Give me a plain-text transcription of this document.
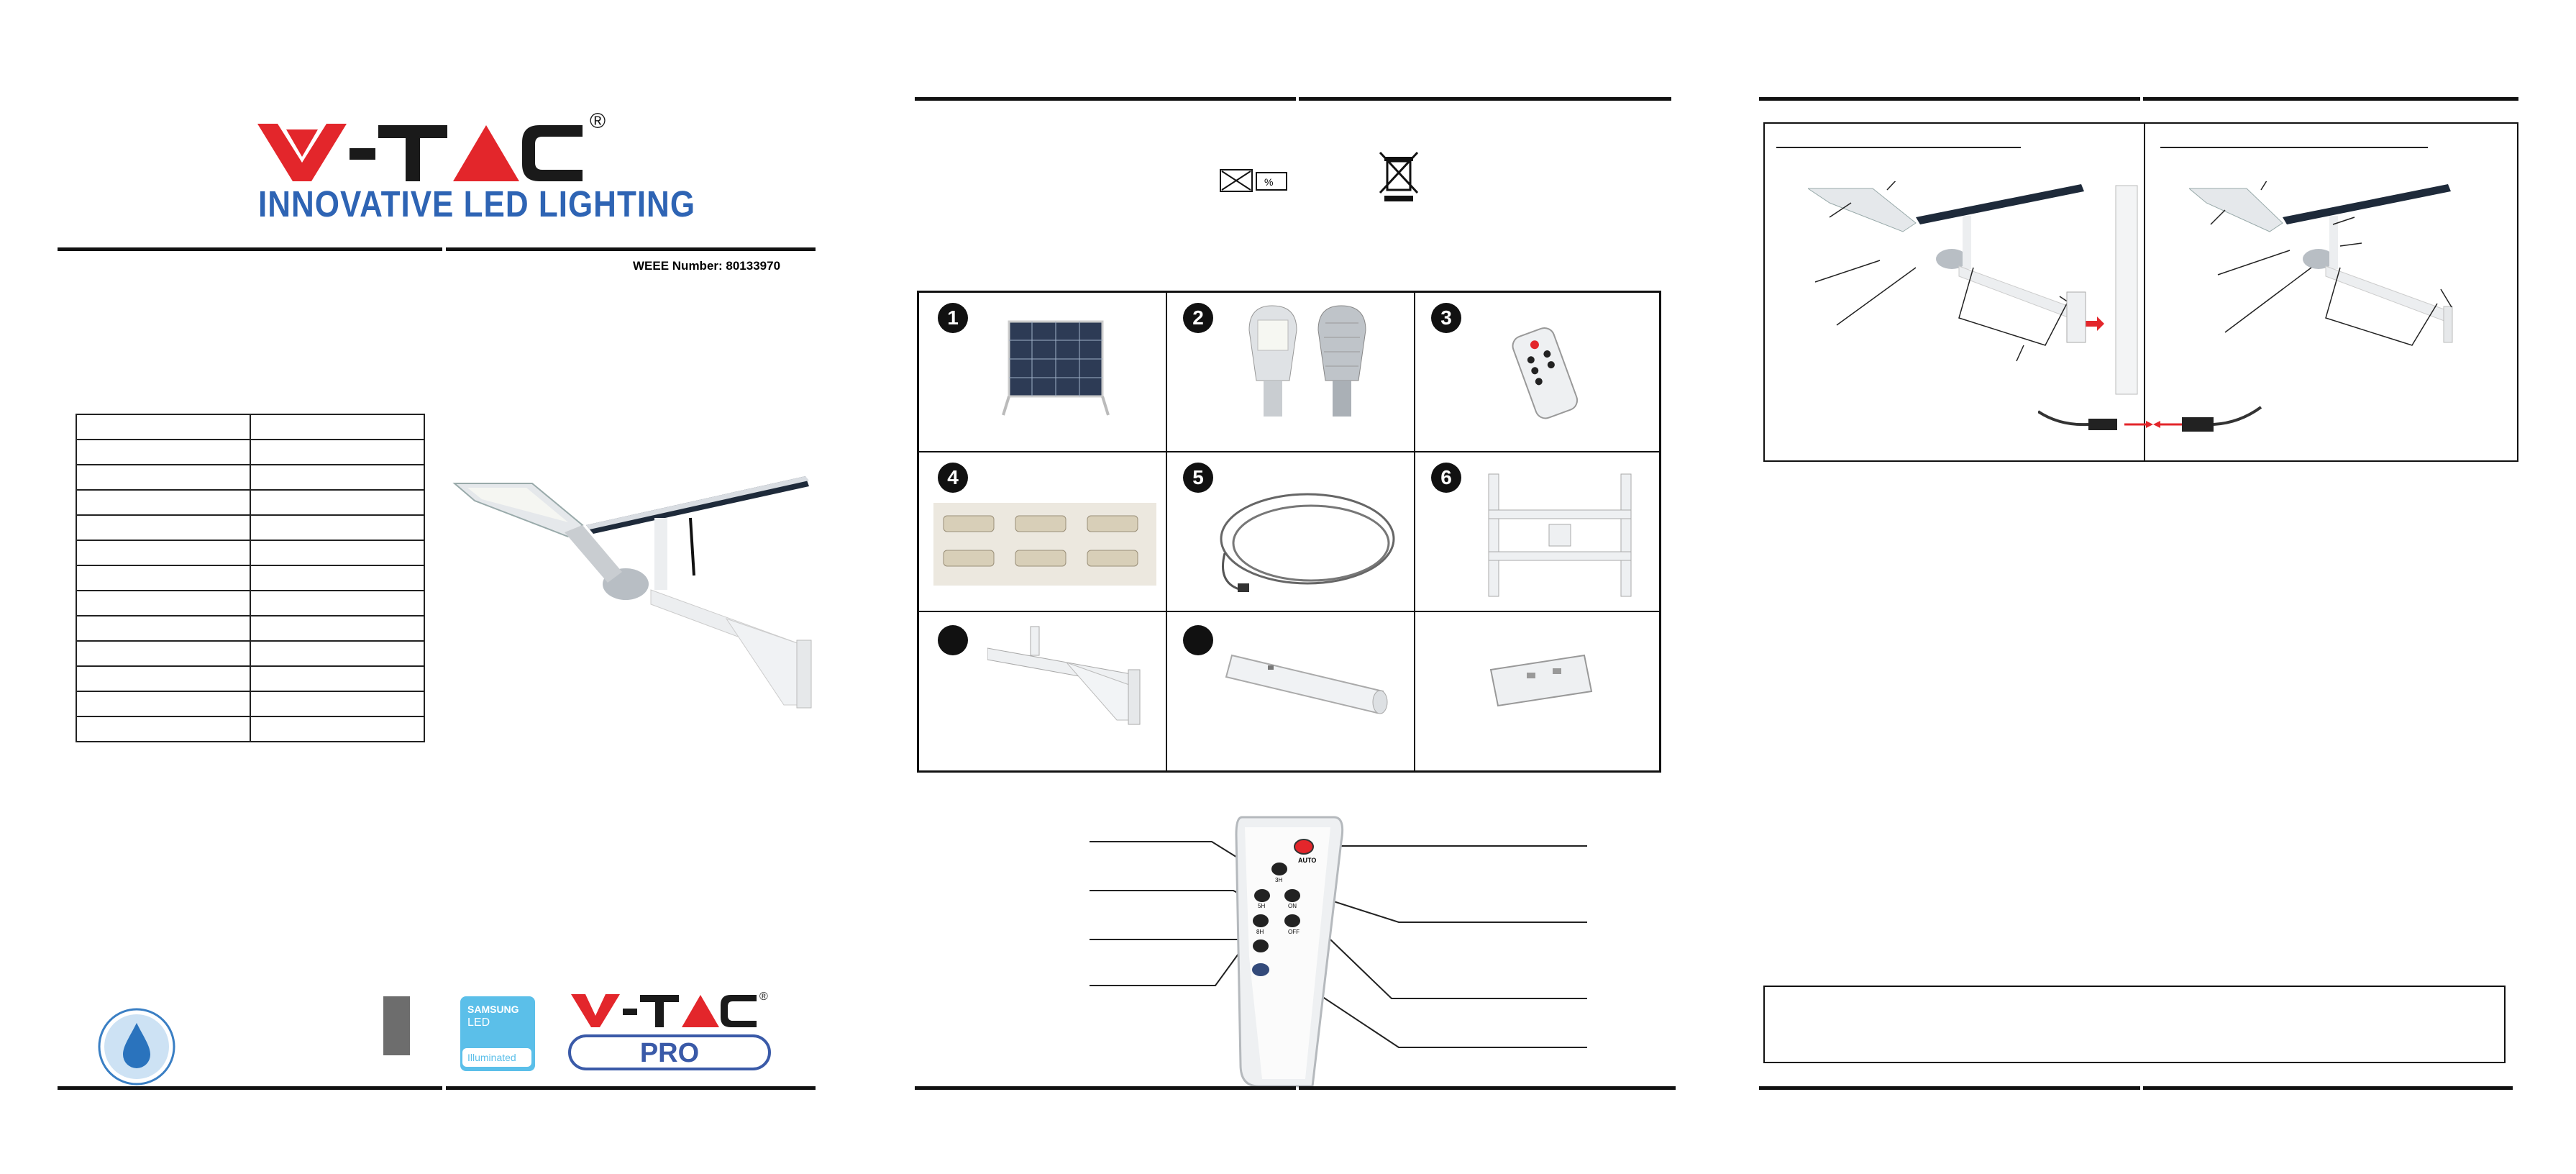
®
INNOVATIVE LED LIGHTING
WEEE Number: 80133970

SAMSUNG
LED
Illuminated
®
PRO
%
1	2	3
4	5	6
AUTO
3H
5H	ON
8H	OFF
